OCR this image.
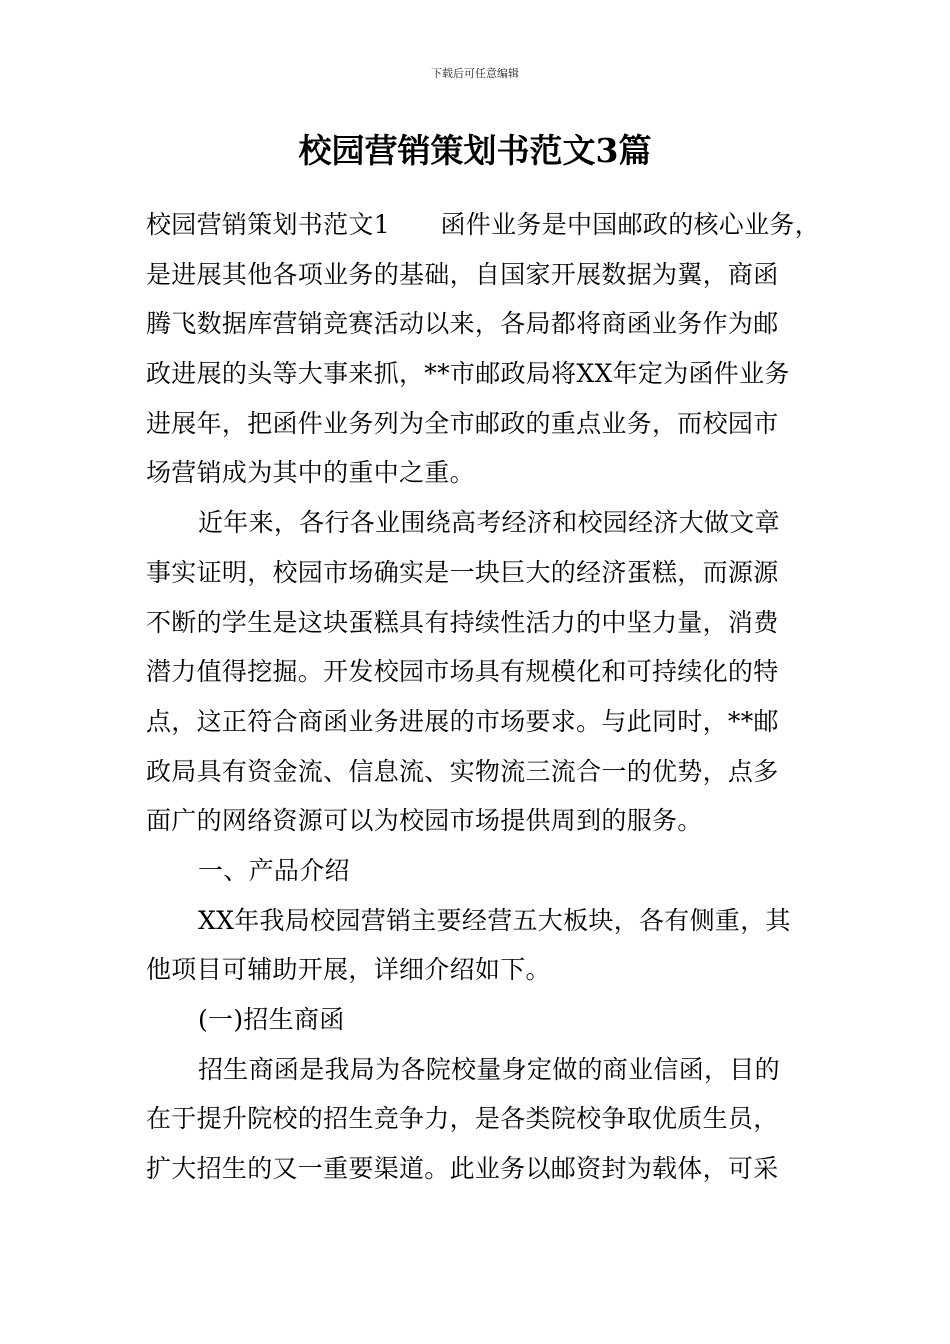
下载后可任意编辑
校园营销策划书范文3篇
校园营销策划书范文1　　函件业务是中国邮政的核心业务，
是进展其他各项业务的基础，自国家开展数据为翼，商函
腾飞数据库营销竞赛活动以来，各局都将商函业务作为邮
政进展的头等大事来抓，**市邮政局将XX年定为函件业务
进展年，把函件业务列为全市邮政的重点业务，而校园市
场营销成为其中的重中之重。
近年来，各行各业围绕高考经济和校园经济大做文章
事实证明，校园市场确实是一块巨大的经济蛋糕，而源源
不断的学生是这块蛋糕具有持续性活力的中坚力量，消费
潜力值得挖掘。开发校园市场具有规模化和可持续化的特
点，这正符合商函业务进展的市场要求。与此同时，**邮
政局具有资金流、信息流、实物流三流合一的优势，点多
面广的网络资源可以为校园市场提供周到的服务。
一、产品介绍
XX年我局校园营销主要经营五大板块，各有侧重，其
他项目可辅助开展，详细介绍如下。
(一)招生商函
招生商函是我局为各院校量身定做的商业信函，目的
在于提升院校的招生竞争力，是各类院校争取优质生员，
扩大招生的又一重要渠道。此业务以邮资封为载体，可采
